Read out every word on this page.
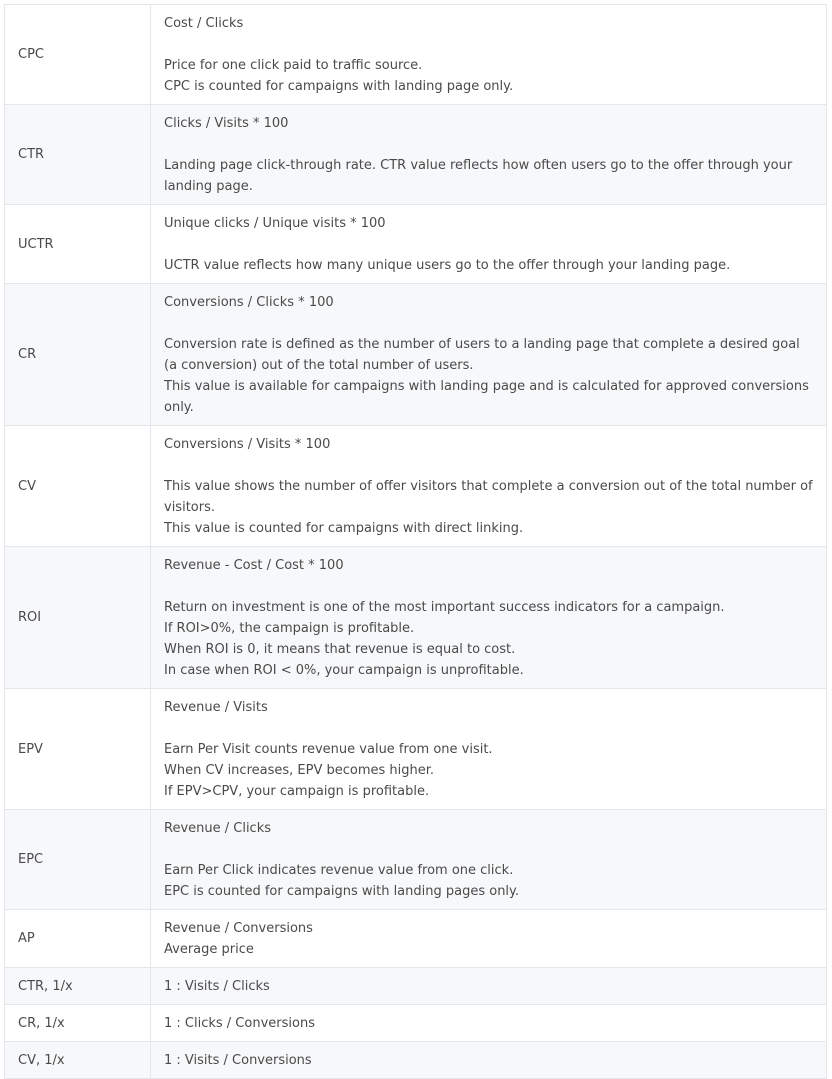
CPC	Cost / Clicks
Price for one click paid to traffic source.
CPC is counted for campaigns with landing page only.

CTR	Clicks / Visits * 100
Landing page click-through rate. CTR value reflects how often users go to the offer through your landing page.

UCTR	Unique clicks / Unique visits * 100
UCTR value reflects how many unique users go to the offer through your landing page.

CR	Conversions / Clicks * 100
Conversion rate is defined as the number of users to a landing page that complete a desired goal (a conversion) out of the total number of users.
This value is available for campaigns with landing page and is calculated for approved conversions only.

CV	Conversions / Visits * 100
This value shows the number of offer visitors that complete a conversion out of the total number of visitors.
This value is counted for campaigns with direct linking.

ROI	Revenue - Cost / Cost * 100
Return on investment is one of the most important success indicators for a campaign.
If ROI>0%, the campaign is profitable.
When ROI is 0, it means that revenue is equal to cost.
In case when ROI < 0%, your campaign is unprofitable.

EPV	Revenue / Visits
Earn Per Visit counts revenue value from one visit.
When CV increases, EPV becomes higher.
If EPV>CPV, your campaign is profitable.

EPC	Revenue / Clicks
Earn Per Click indicates revenue value from one click.
EPC is counted for campaigns with landing pages only.

AP	Revenue / Conversions
Average price

CTR, 1/x	1 : Visits / Clicks

CR, 1/x	1 : Clicks / Conversions

CV, 1/x	1 : Visits / Conversions
